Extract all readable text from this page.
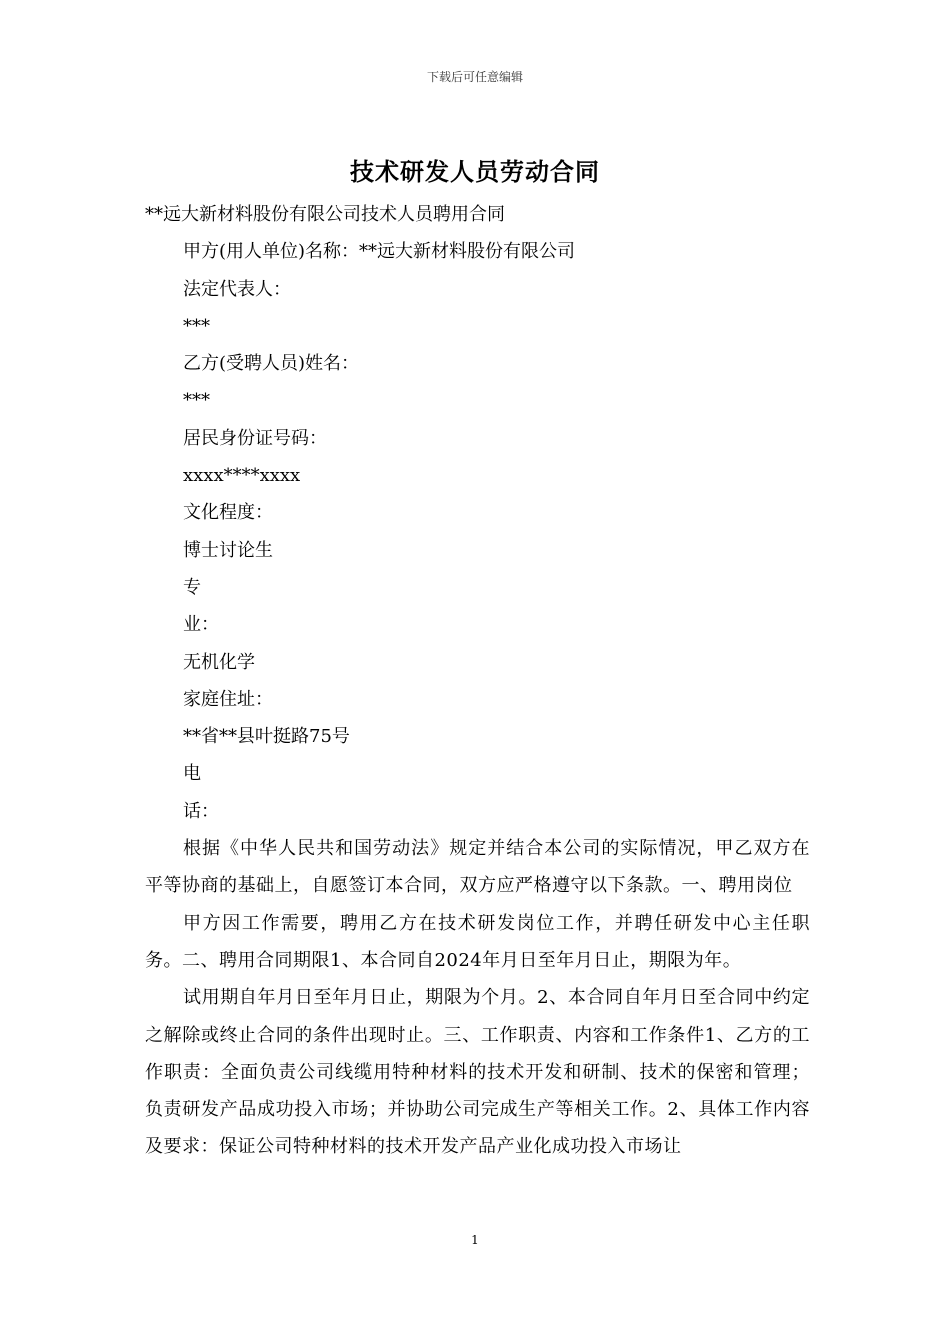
下载后可任意编辑
技术研发人员劳动合同
**远大新材料股份有限公司技术人员聘用合同
甲方(用人单位)名称：**远大新材料股份有限公司
法定代表人：
***
乙方(受聘人员)姓名：
***
居民身份证号码：
xxxx****xxxx
文化程度：
博士讨论生
专
业：
无机化学
家庭住址：
**省**县叶挺路75号
电
话：

根据《中华人民共和国劳动法》规定并结合本公司的实际情况，甲乙双方在平等协商的基础上，自愿签订本合同，双方应严格遵守以下条款。一、聘用岗位

甲方因工作需要，聘用乙方在技术研发岗位工作，并聘任研发中心主任职务。二、聘用合同期限1、本合同自2024年月日至年月日止，期限为年。

试用期自年月日至年月日止，期限为个月。2、本合同自年月日至合同中约定之解除或终止合同的条件出现时止。三、工作职责、内容和工作条件1、乙方的工作职责：全面负责公司线缆用特种材料的技术开发和研制、技术的保密和管理；负责研发产品成功投入市场；并协助公司完成生产等相关工作。2、具体工作内容及要求：保证公司特种材料的技术开发产品产业化成功投入市场让

1
